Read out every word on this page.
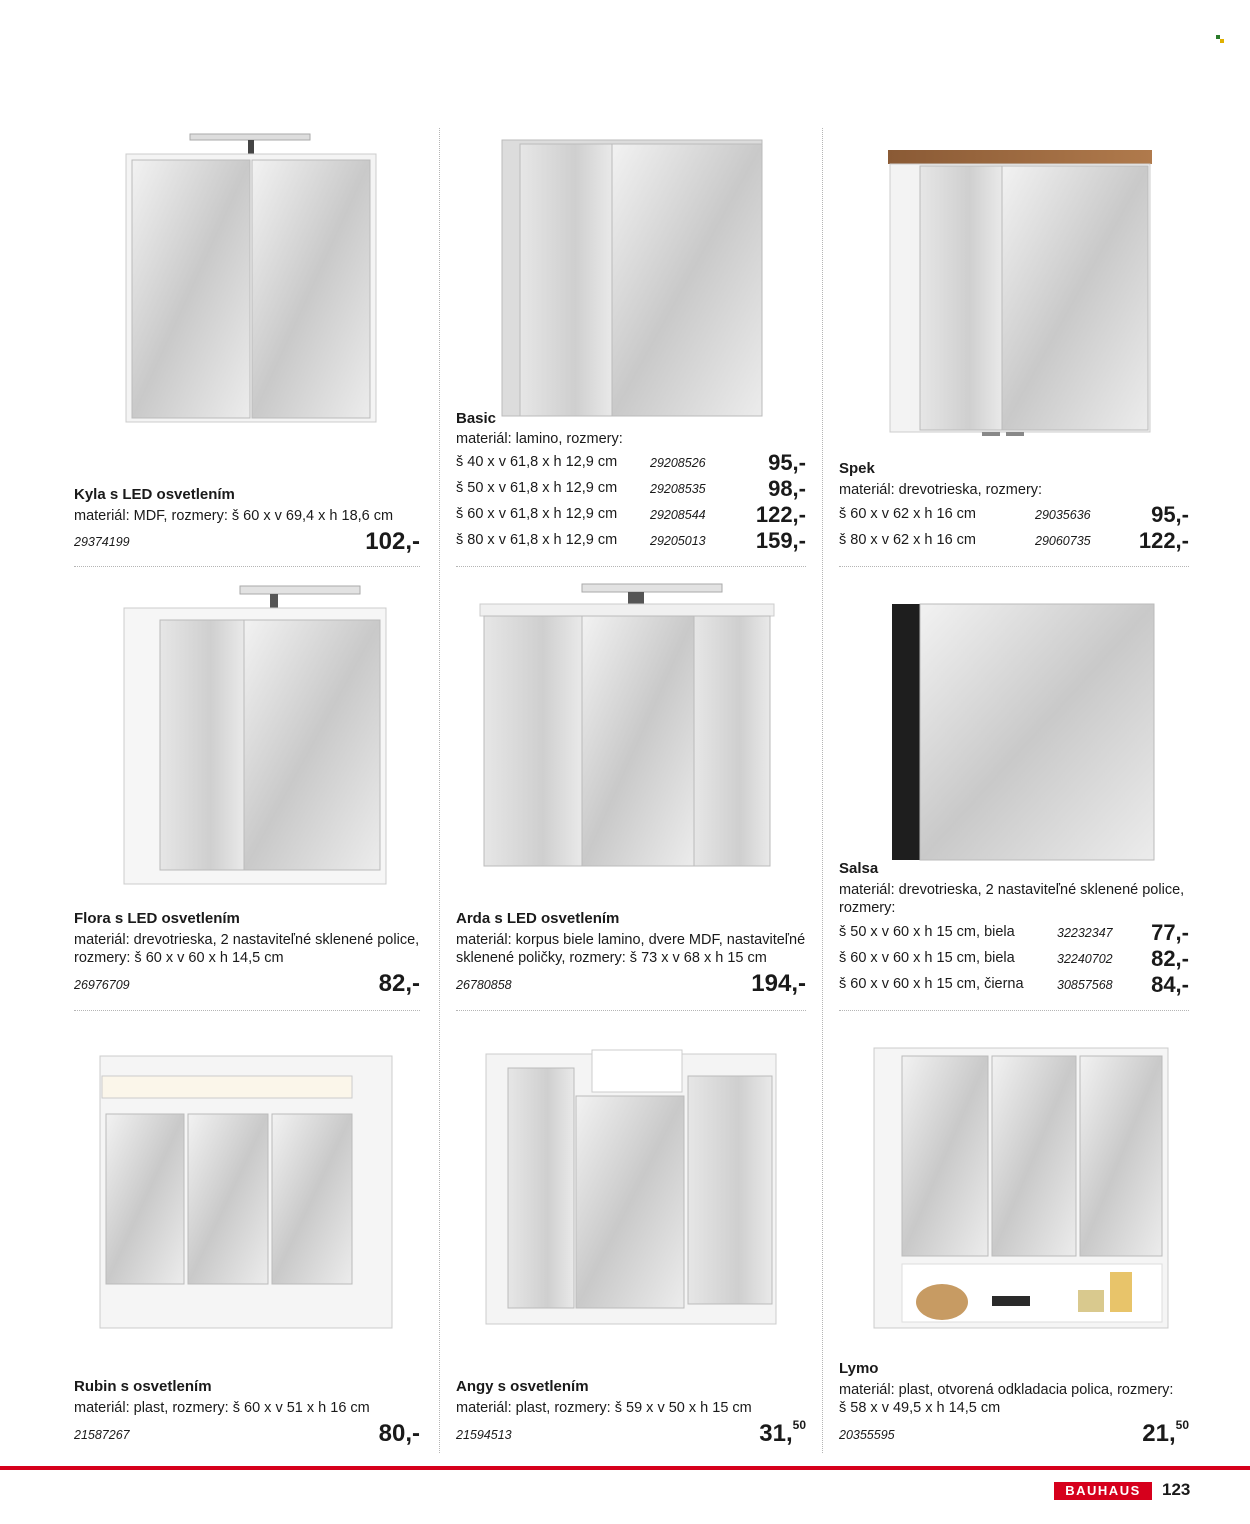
Kyla s LED osvetlením
materiál: MDF, rozmery: š 60 x v 69,4 x h 18,6 cm
29374199	102,-
Basic
materiál: lamino, rozmery:
š 40 x v 61,8 x h 12,9 cm	29208526	95,-
š 50 x v 61,8 x h 12,9 cm	29208535	98,-
š 60 x v 61,8 x h 12,9 cm	29208544 122,-
š 80 x v 61,8 x h 12,9 cm	29205013 159,-
Spek
materiál: drevotrieska, rozmery:
š 60 x v 62 x h 16 cm	29035636	95,-
š 80 x v 62 x h 16 cm	29060735 122,-
Flora s LED osvetlením
materiál: drevotrieska, 2 nastaviteľné sklenené police,
rozmery: š 60 x v 60 x h 14,5 cm
26976709	82,-
Arda s LED osvetlením
materiál: korpus biele lamino, dvere MDF, nastaviteľné
sklenené poličky, rozmery: š 73 x v 68 x h 15 cm
26780858	194,-
Salsa
materiál: drevotrieska, 2 nastaviteľné sklenené police,
rozmery:
š 50 x v 60 x h 15 cm, biela	32232347 77,-
š 60 x v 60 x h 15 cm, biela	32240702 82,-
š 60 x v 60 x h 15 cm, čierna	30857568 84,-
Rubin s osvetlením
materiál: plast, rozmery: š 60 x v 51 x h 16 cm
21587267	80,-
Angy s osvetlením
materiál: plast, rozmery: š 59 x v 50 x h 15 cm
21594513	31,50
Lymo
materiál: plast, otvorená odkladacia polica, rozmery:
š 58 x v 49,5 x h 14,5 cm
20355595	21,50
BAUHAUS	123
